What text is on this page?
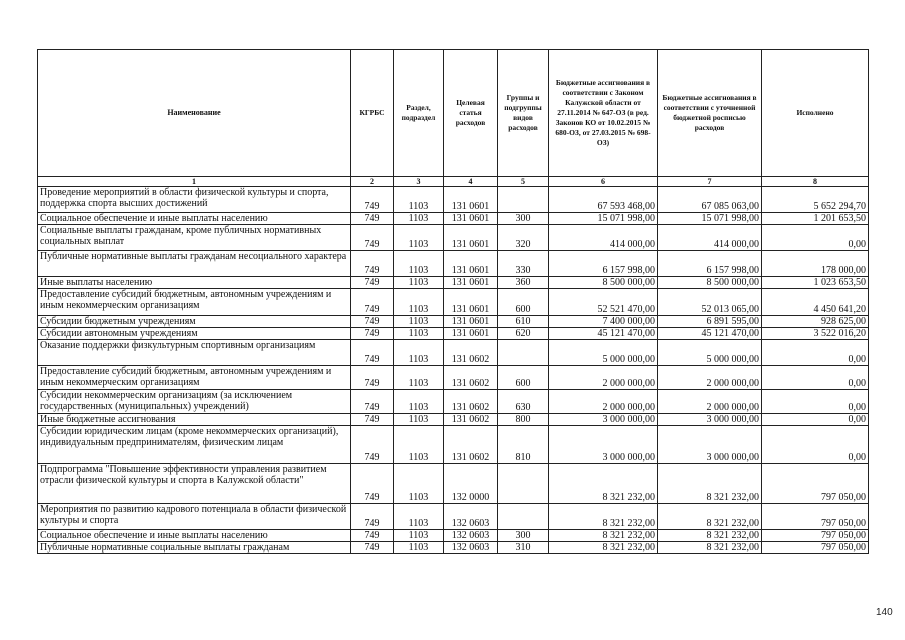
Наименование	КГРБС	Раздел, подраздел	Целевая статья расходов	Группы и подгруппы видов расходов	Бюджетные ассигнования в соответствии с Законом Калужской области от 27.11.2014 № 647-ОЗ (в ред. Законов КО от 10.02.2015 № 680-ОЗ, от 27.03.2015 № 698-ОЗ)	Бюджетные ассигнования в соответствии с уточненной бюджетной росписью расходов	Исполнено
1	2	3	4	5	6	7	8
Проведение мероприятий в области физической культуры и спорта, поддержка спорта высших достижений	749	1103	131 0601		67 593 468,00	67 085 063,00	5 652 294,70
Социальное обеспечение и иные выплаты населению	749	1103	131 0601	300	15 071 998,00	15 071 998,00	1 201 653,50
Социальные выплаты гражданам, кроме публичных нормативных социальных выплат	749	1103	131 0601	320	414 000,00	414 000,00	0,00
Публичные нормативные выплаты гражданам несоциального характера	749	1103	131 0601	330	6 157 998,00	6 157 998,00	178 000,00
Иные выплаты населению	749	1103	131 0601	360	8 500 000,00	8 500 000,00	1 023 653,50
Предоставление субсидий бюджетным, автономным учреждениям и иным некоммерческим организациям	749	1103	131 0601	600	52 521 470,00	52 013 065,00	4 450 641,20
Субсидии бюджетным учреждениям	749	1103	131 0601	610	7 400 000,00	6 891 595,00	928 625,00
Субсидии автономным учреждениям	749	1103	131 0601	620	45 121 470,00	45 121 470,00	3 522 016,20
Оказание поддержки физкультурным спортивным организациям	749	1103	131 0602		5 000 000,00	5 000 000,00	0,00
Предоставление субсидий бюджетным, автономным учреждениям и иным некоммерческим организациям	749	1103	131 0602	600	2 000 000,00	2 000 000,00	0,00
Субсидии некоммерческим организациям (за исключением государственных (муниципальных) учреждений)	749	1103	131 0602	630	2 000 000,00	2 000 000,00	0,00
Иные бюджетные ассигнования	749	1103	131 0602	800	3 000 000,00	3 000 000,00	0,00
Субсидии юридическим лицам (кроме некоммерческих организаций), индивидуальным предпринимателям, физическим лицам	749	1103	131 0602	810	3 000 000,00	3 000 000,00	0,00
Подпрограмма "Повышение эффективности управления развитием отрасли физической культуры и спорта в Калужской области"	749	1103	132 0000		8 321 232,00	8 321 232,00	797 050,00
Мероприятия по развитию кадрового потенциала в области физической культуры и спорта	749	1103	132 0603		8 321 232,00	8 321 232,00	797 050,00
Социальное обеспечение и иные выплаты населению	749	1103	132 0603	300	8 321 232,00	8 321 232,00	797 050,00
Публичные нормативные социальные выплаты гражданам	749	1103	132 0603	310	8 321 232,00	8 321 232,00	797 050,00
140
